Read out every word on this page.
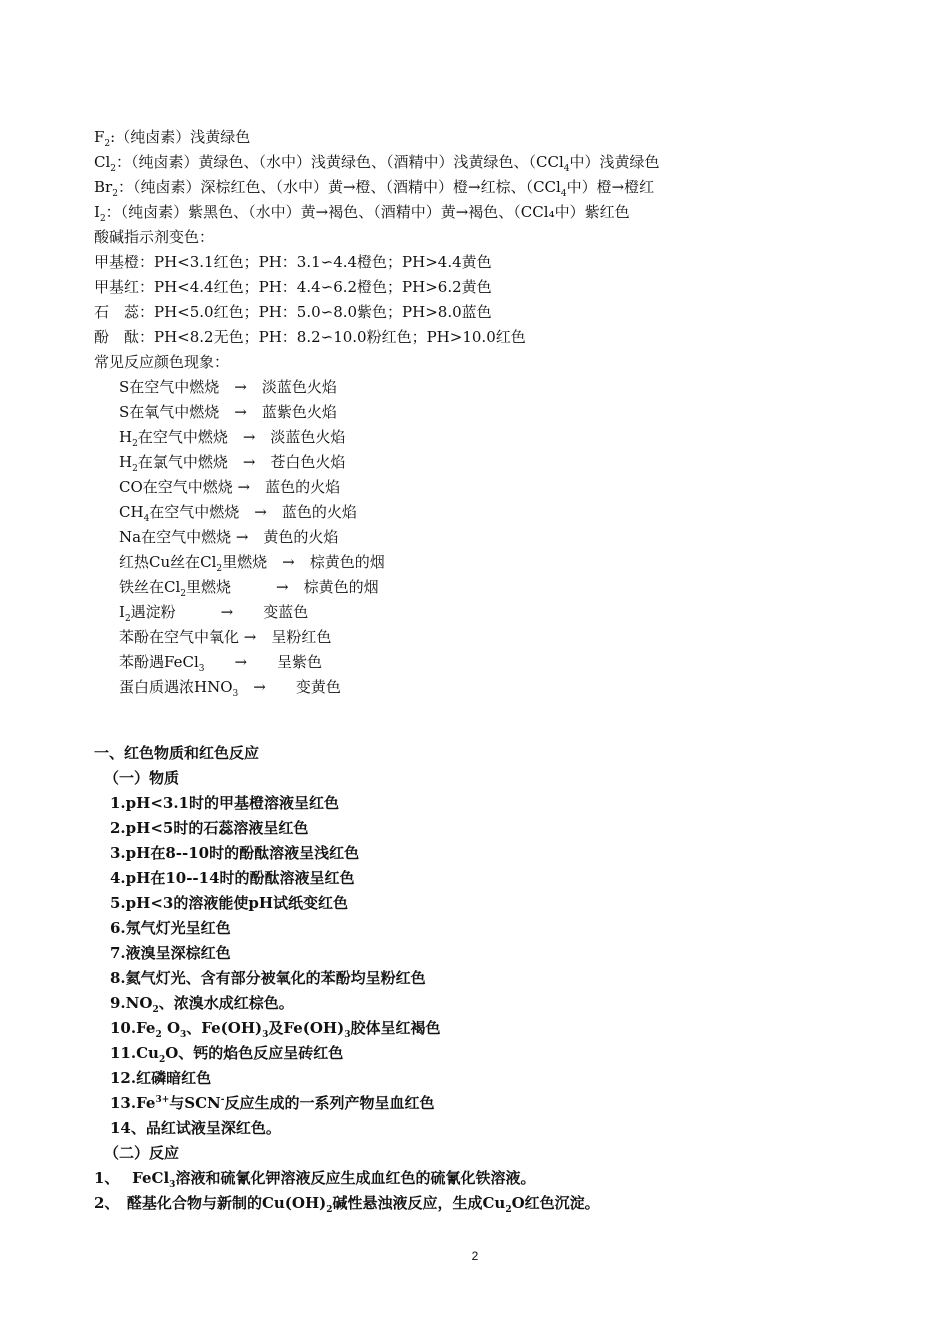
$F_2$:（纯卤素）浅黄绿色
$Cl_2$：（纯卤素）黄绿色、（水中）浅黄绿色、（酒精中）浅黄绿色、（CCl$_4$中）浅黄绿色
$Br_2$：（纯卤素）深棕红色、（水中）黄→橙、（酒精中）橙→红棕、（CCl$_4$中）橙→橙红
$I_2$：（纯卤素）紫黑色、（水中）黄→褐色、（酒精中）黄→褐色、（CCl₄中）紫红色
酸碱指示剂变色：
甲基橙：PH<3.1红色；PH：3.1∽4.4橙色；PH>4.4黄色
甲基红：PH<4.4红色；PH：4.4∽6.2橙色；PH>6.2黄色
石　蕊：PH<5.0红色；PH：5.0∽8.0紫色；PH>8.0蓝色
酚　酞：PH<8.2无色；PH：8.2∽10.0粉红色；PH>10.0红色
常见反应颜色现象：
S在空气中燃烧　→　淡蓝色火焰
S在氧气中燃烧　→　蓝紫色火焰
$H_2$在空气中燃烧　→　淡蓝色火焰
$H_2$在氯气中燃烧　→　苍白色火焰
CO在空气中燃烧 →　蓝色的火焰
$CH_4$在空气中燃烧　→　蓝色的火焰
Na在空气中燃烧 →　黄色的火焰
红热Cu丝在$Cl_2$里燃烧　→　棕黄色的烟
铁丝在$Cl_2$里燃烧　　　→　棕黄色的烟
$I_2$遇淀粉　　　→　　变蓝色
苯酚在空气中氧化 →　呈粉红色
苯酚遇FeCl$_3$　　→　　呈紫色
蛋白质遇浓$HNO_3$　→　　变黄色
一、红色物质和红色反应
（一）物质
1.pH<3.1时的甲基橙溶液呈红色
2.pH<5时的石蕊溶液呈红色
3.pH在8--10时的酚酞溶液呈浅红色
4.pH在10--14时的酚酞溶液呈红色
5.pH<3的溶液能使pH试纸变红色
6.氖气灯光呈红色
7.液溴呈深棕红色
8.氦气灯光、含有部分被氧化的苯酚均呈粉红色
$9.NO_2$、浓溴水成红棕色。
$10.Fe_2$ $O_3$、$Fe(OH)_3$及$Fe(OH)_3$胶体呈红褐色
$11.Cu_2O$、钙的焰色反应呈砖红色
12.红磷暗红色
$13.Fe^{3+}$与SCN-反应生成的一系列产物呈血红色
14、品红试液呈深红色。
（二）反应
1、　 FeCl$_3$溶液和硫氰化钾溶液反应生成血红色的硫氰化铁溶液。
2、　醛基化合物与新制的$Cu(OH)_2$碱性悬浊液反应，生成$Cu_2O$红色沉淀。
2
